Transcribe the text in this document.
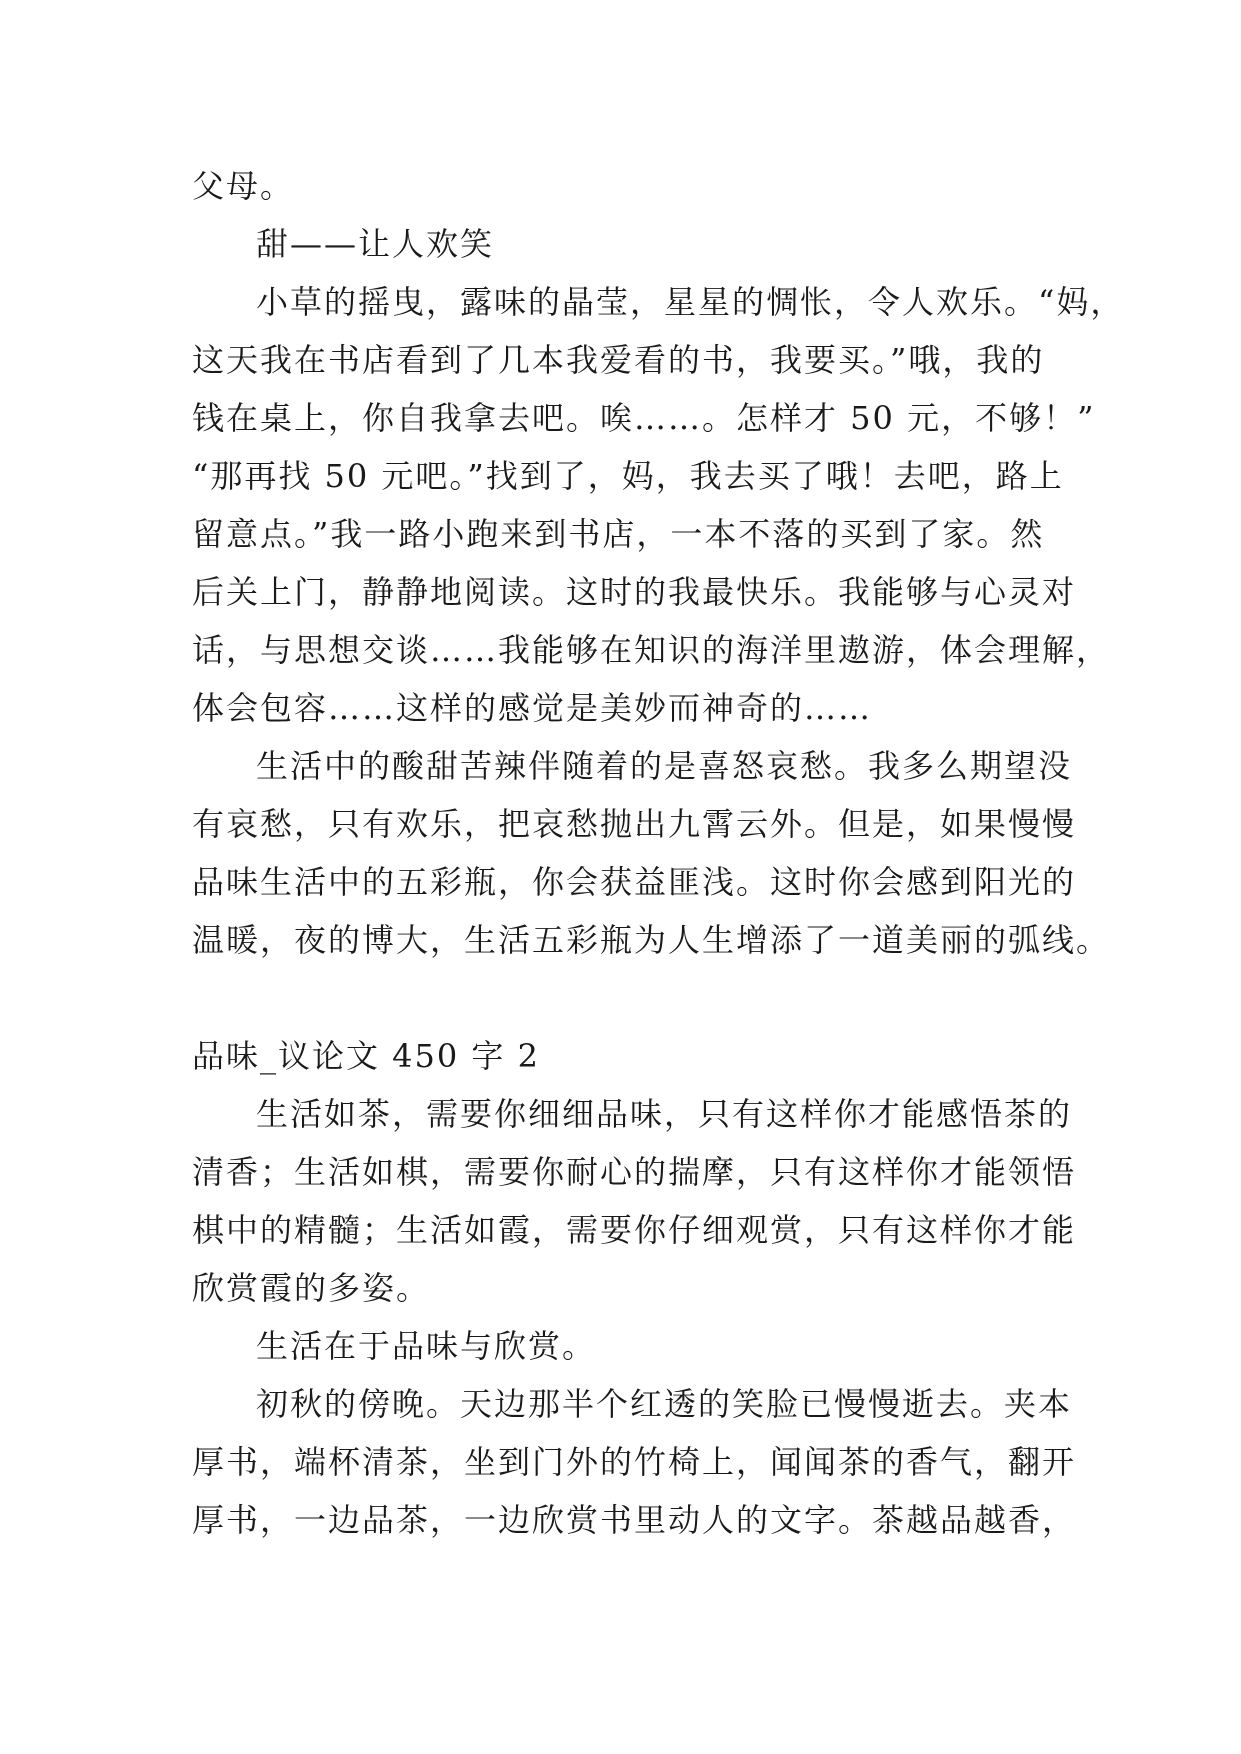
父母。
甜——让人欢笑
小草的摇曳，露味的晶莹，星星的惆怅，令人欢乐。“妈，
这天我在书店看到了几本我爱看的书，我要买。”哦，我的
钱在桌上，你自我拿去吧。唉……。怎样才 50 元，不够！”
“那再找 50 元吧。”找到了，妈，我去买了哦！去吧，路上
留意点。”我一路小跑来到书店，一本不落的买到了家。然
后关上门，静静地阅读。这时的我最快乐。我能够与心灵对
话，与思想交谈……我能够在知识的海洋里遨游，体会理解，
体会包容……这样的感觉是美妙而神奇的……
生活中的酸甜苦辣伴随着的是喜怒哀愁。我多么期望没
有哀愁，只有欢乐，把哀愁抛出九霄云外。但是，如果慢慢
品味生活中的五彩瓶，你会获益匪浅。这时你会感到阳光的
温暖，夜的博大，生活五彩瓶为人生增添了一道美丽的弧线。
品味_议论文 450 字 2
生活如茶，需要你细细品味，只有这样你才能感悟茶的
清香；生活如棋，需要你耐心的揣摩，只有这样你才能领悟
棋中的精髓；生活如霞，需要你仔细观赏，只有这样你才能
欣赏霞的多姿。
生活在于品味与欣赏。
初秋的傍晚。天边那半个红透的笑脸已慢慢逝去。夹本
厚书，端杯清茶，坐到门外的竹椅上，闻闻茶的香气，翻开
厚书，一边品茶，一边欣赏书里动人的文字。茶越品越香，
